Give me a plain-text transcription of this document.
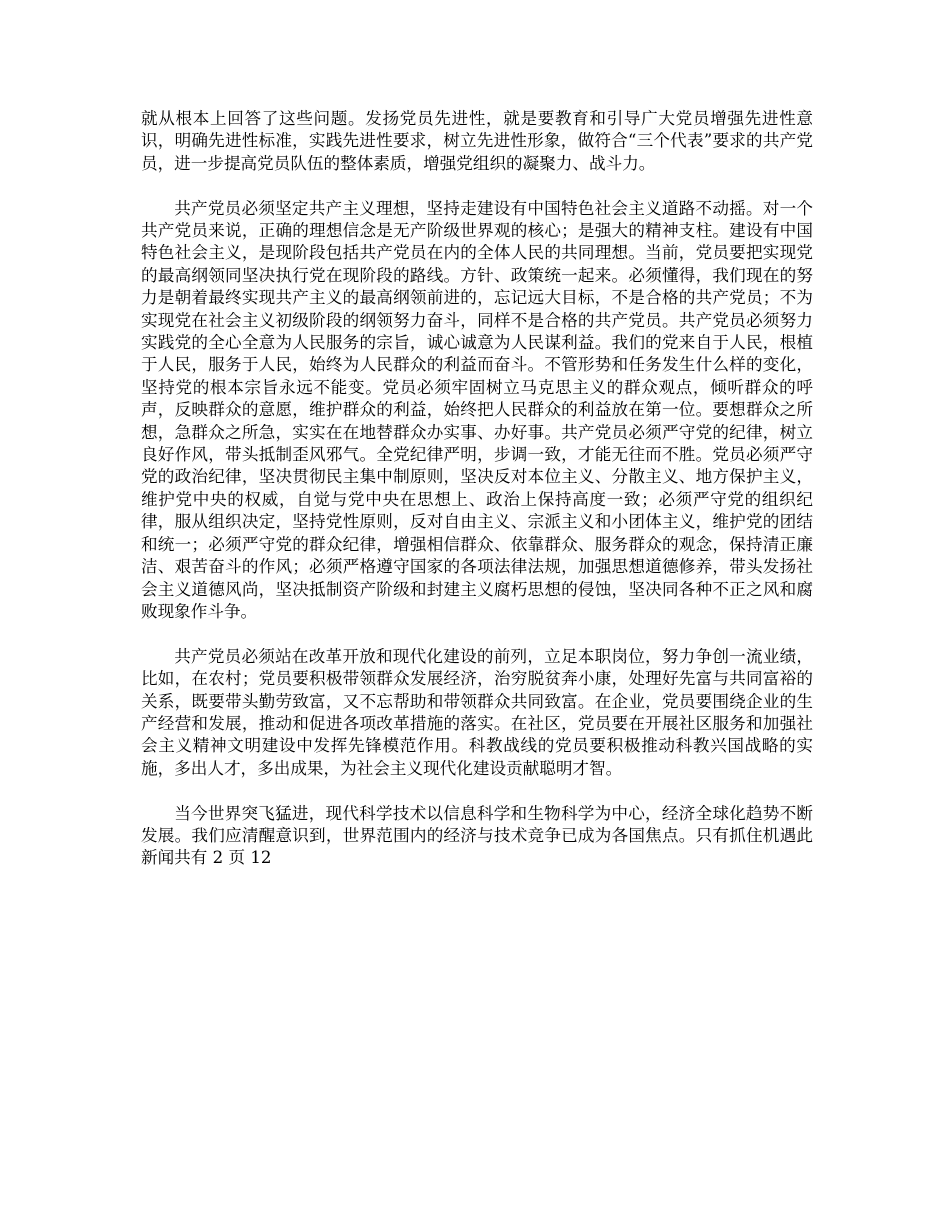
就从根本上回答了这些问题。发扬党员先进性，就是要教育和引导广大党员增强先进性意识，明确先进性标准，实践先进性要求，树立先进性形象，做符合“三个代表”要求的共产党员，进一步提高党员队伍的整体素质，增强党组织的凝聚力、战斗力。

共产党员必须坚定共产主义理想，坚持走建设有中国特色社会主义道路不动摇。对一个共产党员来说，正确的理想信念是无产阶级世界观的核心；是强大的精神支柱。建设有中国特色社会主义，是现阶段包括共产党员在内的全体人民的共同理想。当前，党员要把实现党的最高纲领同坚决执行党在现阶段的路线。方针、政策统一起来。必须懂得，我们现在的努力是朝着最终实现共产主义的最高纲领前进的，忘记远大目标，不是合格的共产党员；不为实现党在社会主义初级阶段的纲领努力奋斗，同样不是合格的共产党员。共产党员必须努力实践党的全心全意为人民服务的宗旨，诚心诚意为人民谋利益。我们的党来自于人民，根植于人民，服务于人民，始终为人民群众的利益而奋斗。不管形势和任务发生什么样的变化，坚持党的根本宗旨永远不能变。党员必须牢固树立马克思主义的群众观点，倾听群众的呼声，反映群众的意愿，维护群众的利益，始终把人民群众的利益放在第一位。要想群众之所想，急群众之所急，实实在在地替群众办实事、办好事。共产党员必须严守党的纪律，树立良好作风，带头抵制歪风邪气。全党纪律严明，步调一致，才能无往而不胜。党员必须严守党的政治纪律，坚决贯彻民主集中制原则，坚决反对本位主义、分散主义、地方保护主义，维护党中央的权威，自觉与党中央在思想上、政治上保持高度一致；必须严守党的组织纪律，服从组织决定，坚持党性原则，反对自由主义、宗派主义和小团体主义，维护党的团结和统一；必须严守党的群众纪律，增强相信群众、依靠群众、服务群众的观念，保持清正廉洁、艰苦奋斗的作风；必须严格遵守国家的各项法律法规，加强思想道德修养，带头发扬社会主义道德风尚，坚决抵制资产阶级和封建主义腐朽思想的侵蚀，坚决同各种不正之风和腐败现象作斗争。

共产党员必须站在改革开放和现代化建设的前列，立足本职岗位，努力争创一流业绩，比如，在农村；党员要积极带领群众发展经济，治穷脱贫奔小康，处理好先富与共同富裕的关系，既要带头勤劳致富，又不忘帮助和带领群众共同致富。在企业，党员要围绕企业的生产经营和发展，推动和促进各项改革措施的落实。在社区，党员要在开展社区服务和加强社会主义精神文明建设中发挥先锋模范作用。科教战线的党员要积极推动科教兴国战略的实施，多出人才，多出成果，为社会主义现代化建设贡献聪明才智。

当今世界突飞猛进，现代科学技术以信息科学和生物科学为中心，经济全球化趋势不断发展。我们应清醒意识到，世界范围内的经济与技术竞争已成为各国焦点。只有抓住机遇此新闻共有 2 页 12
